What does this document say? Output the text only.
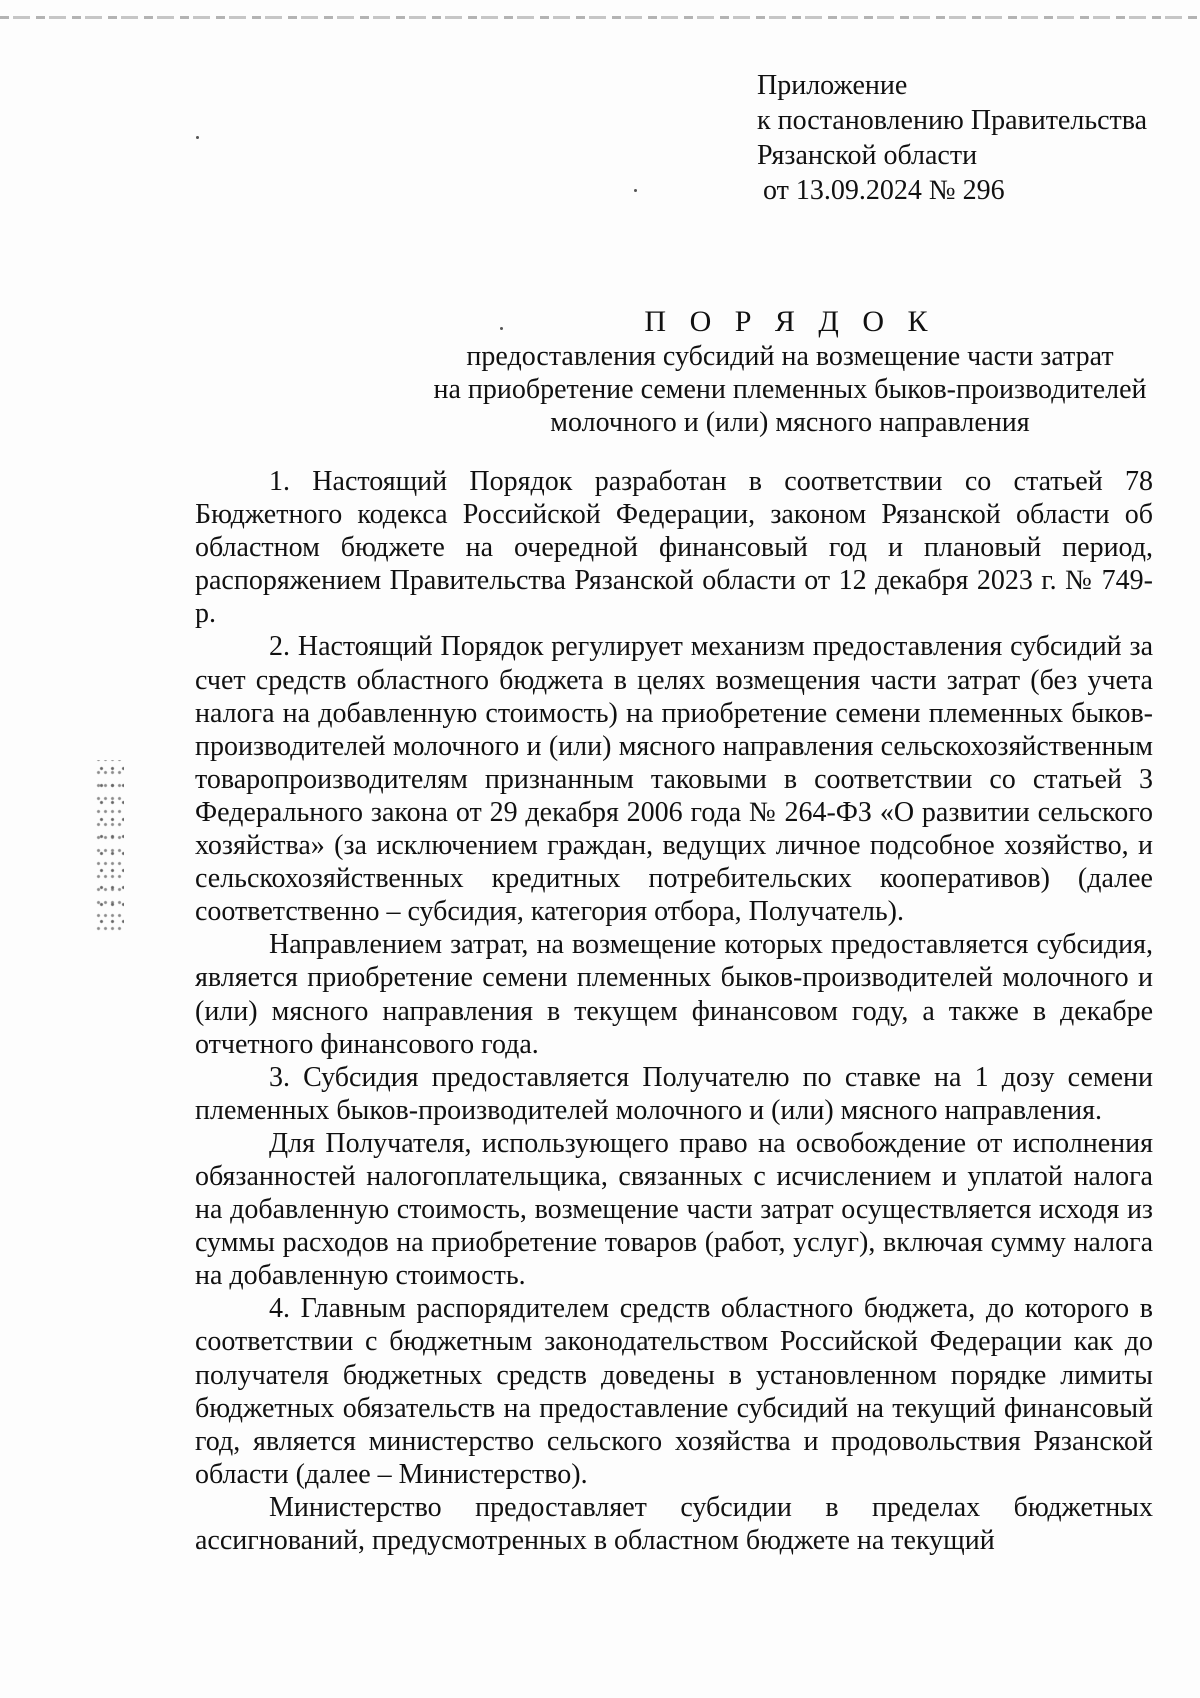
Приложение
к постановлению Правительства
Рязанской области
от 13.09.2024 № 296
П О Р Я Д О К
предоставления субсидий на возмещение части затрат
на приобретение семени племенных быков-производителей
молочного и (или) мясного направления

1. Настоящий Порядок разработан в соответствии со статьей 78 Бюджетного кодекса Российской Федерации, законом Рязанской области об областном бюджете на очередной финансовый год и плановый период, распоряжением Правительства Рязанской области от 12 декабря 2023 г. № 749-р.

2. Настоящий Порядок регулирует механизм предоставления субсидий за счет средств областного бюджета в целях возмещения части затрат (без учета налога на добавленную стоимость) на приобретение семени племенных быков-производителей молочного и (или) мясного направления сельскохозяйственным товаропроизводителям признанным таковыми в соответствии со статьей 3 Федерального закона от 29 декабря 2006 года № 264-ФЗ «О развитии сельского хозяйства» (за исключением граждан, ведущих личное подсобное хозяйство, и сельскохозяйственных кредитных потребительских кооперативов) (далее соответственно – субсидия, категория отбора, Получатель).

Направлением затрат, на возмещение которых предоставляется субсидия, является приобретение семени племенных быков-производителей молочного и (или) мясного направления в текущем финансовом году, а также в декабре отчетного финансового года.

3. Субсидия предоставляется Получателю по ставке на 1 дозу семени племенных быков-производителей молочного и (или) мясного направления.

Для Получателя, использующего право на освобождение от исполнения обязанностей налогоплательщика, связанных с исчислением и уплатой налога на добавленную стоимость, возмещение части затрат осуществляется исходя из суммы расходов на приобретение товаров (работ, услуг), включая сумму налога на добавленную стоимость.

4. Главным распорядителем средств областного бюджета, до которого в соответствии с бюджетным законодательством Российской Федерации как до получателя бюджетных средств доведены в установленном порядке лимиты бюджетных обязательств на предоставление субсидий на текущий финансовый год, является министерство сельского хозяйства и продовольствия Рязанской области (далее – Министерство).

Министерство предоставляет субсидии в пределах бюджетных ассигнований, предусмотренных в областном бюджете на текущий
